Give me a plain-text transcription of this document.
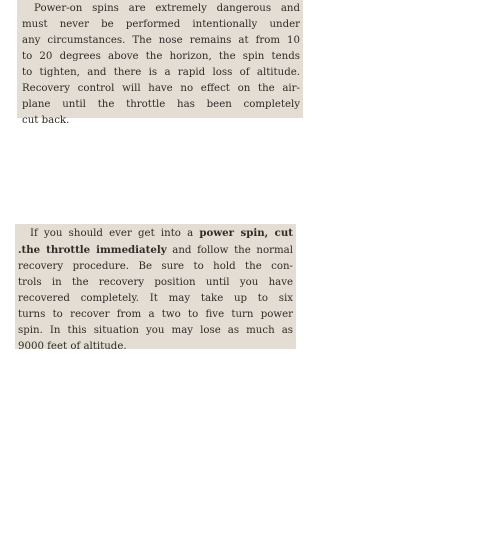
Power-on spins are extremely dangerous and
must never be performed intentionally under
any circumstances. The nose remains at from 10
to 20 degrees above the horizon, the spin tends
to tighten, and there is a rapid loss of altitude.
Recovery control will have no effect on the air-
plane until the throttle has been completely
cut back.
If you should ever get into a power spin, cut
.the throttle immediately and follow the normal
recovery procedure. Be sure to hold the con-
trols in the recovery position until you have
recovered completely. It may take up to six
turns to recover from a two to five turn power
spin. In this situation you may lose as much as
9000 feet of altitude.
